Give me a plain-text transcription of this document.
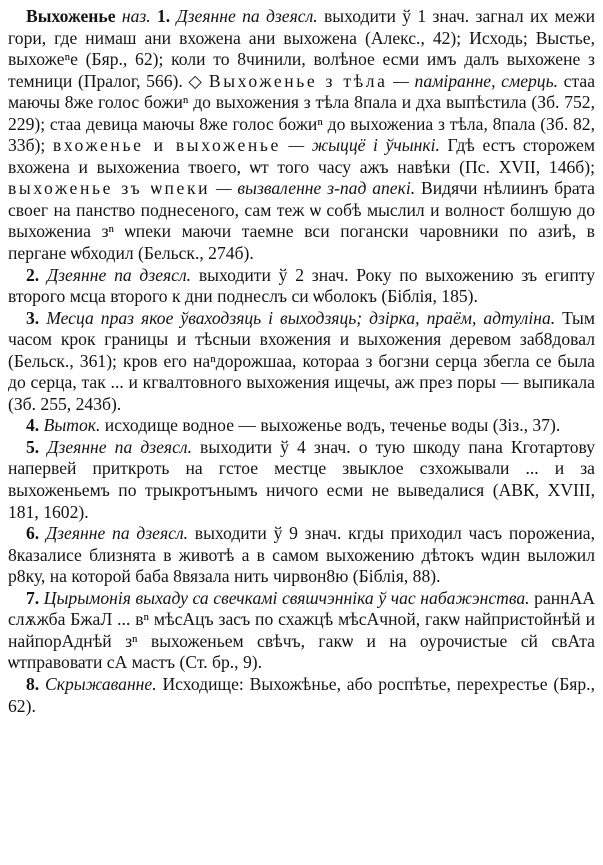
Выхоженье наз. 1. Дзеянне па дзеясл. выходити ў 1 знач. загнал их межи гори, где нимаш ани вхожена ани выхожена (Алекс., 42); Исходь; Выстье, выхожeⁿе (Бяр., 62); коли то 8чинили, волѣное есми имъ далъ выхожене з темници (Пралог, 566). ◇ Выхоженье з тѣла — паміранне, смерць. стаа маючы 8же голос божиⁿ до выхожения з тѣла 8пала и дха выпѣстила (Зб. 752, 229); стаа девица маючы 8же голос божиⁿ до выхожениа з тѣла, 8пала (Зб. 82, 33б); вхоженье и выхоженье — жыццё і ўчынкі. Гдѣ естъ сторожем вхожена и выхожениа твоего, ѡт того часу ажъ навѣки (Пс. XVII, 146б); выхоженье зъ ѡпеки — вызваленне з-пад апекі. Видячи нѣлиинъ брата своег на панство поднесеного, сам теж ѡ собѣ мыслил и волност болшую до выхожениа зⁿ ѡпеки маючи таемне вси погански чаровники по азиѣ, в пергане ѡбходил (Бельск., 274б).

2. Дзеянне па дзеясл. выходити ў 2 знач. Року по выхожению зъ египту второго мсца второго к дни поднеслъ си ѡболокъ (Біблія, 185).

3. Месца праз якое ўваходзяць і выходзяць; дзірка, праём, адтуліна. Тым часом крок границы и тѣсныи вхожения и выхожения деревом заб8довал (Бельск., 361); кров его наⁿдорожшаа, котораа з богзни серца збегла се была до серца, так ... и кгвалтовного выхожения ищечы, аж през поры — выпикала (Зб. 255, 243б).

4. Выток. исходище водное — выхоженье водъ, теченье воды (Зіз., 37).

5. Дзеянне па дзеясл. выходити ў 4 знач. о тую шкоду пана Кготартову напервей приткроть на гстое местце звыклое сзхожывали ... и за выхоженьемъ по трыкротънымъ ничого есми не выведалися (АВК, XVIII, 181, 1602).

6. Дзеянне па дзеясл. выходити ў 9 знач. кгды приходил часъ порожениа, 8казалисе близнята в животѣ а в самом выхожению дѣтокъ ѡдин выложил р8ку, на которой баба 8вязала нить чирвон8ю (Біблія, 88).

7. Цырымонія выхаду са свечкамі свяшчэнніка ў час набажэнства. раннАА слѫжба БжаЛ ... вⁿ мѣсАцъ засъ по схажцѣ мѣсАчной, гакѡ найпристойнѣй и найпорАднѣй зⁿ выхоженьем свѣчъ, гакѡ и на оурочистые сй свАта ѡтправовати сА мастъ (Ст. бр., 9).

8. Скрыжаванне. Исходище: Выхожѣнье, або роспѣтье, перехрестье (Бяр., 62).
